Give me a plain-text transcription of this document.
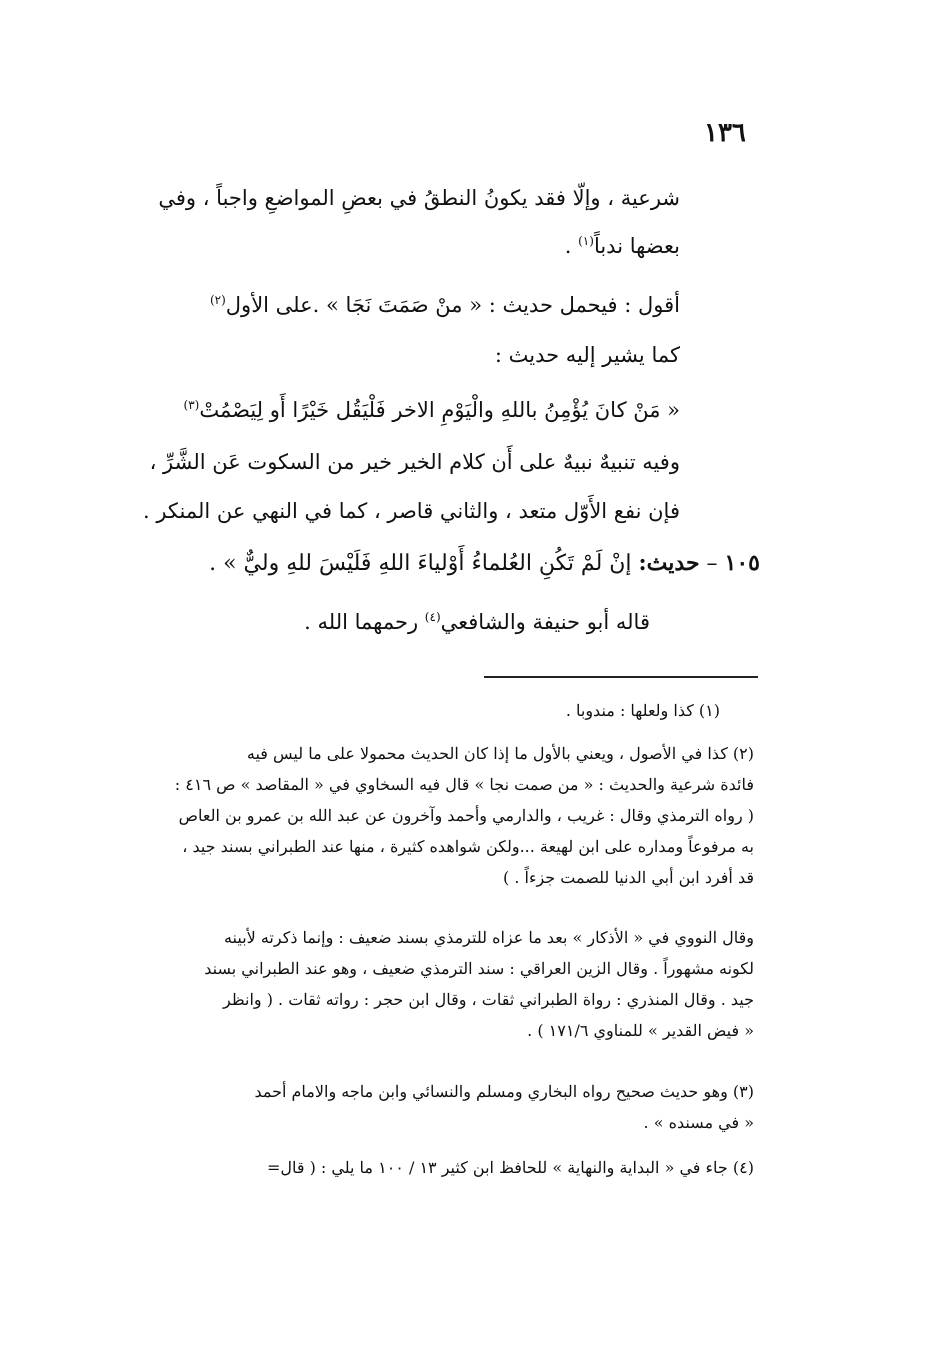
١٣٦
شرعية ، وإلّا فقد يكونُ النطقُ في بعضِ المواضعِ واجباً ، وفي
بعضها ندباً$^{(١)}$ .
أقول : فيحمل حديث : « منْ صَمَتَ نَجَا » .على الأول$^{(٢)}$
كما يشير إليه حديث :
« مَنْ كانَ يُؤْمِنُ باللهِ والْيَوْمِ الاخر فَلْيَقُل خَيْرًا أَو لِيَصْمُتْ$^{(٣)}$
وفيه تنبيهٌ نبيهٌ على أَن كلام الخير خير من السكوت عَن الشَّرِّ ،
فإن نفع الأَوّل متعد ، والثاني قاصر ، كما في النهي عن المنكر .
١٠٥ – حديث: إنْ لَمْ تَكُنِ العُلماءُ أَوْلياءَ اللهِ فَلَيْسَ للهِ وليٌّ » .
قاله أبو حنيفة والشافعي$^{(٤)}$ رحمهما الله .
(١) كذا ولعلها : مندوبا .
(٢) كذا في الأصول ، ويعني بالأول ما إذا كان الحديث محمولا على ما ليس فيه
فائدة شرعية والحديث : « من صمت نجا » قال فيه السخاوي في « المقاصد » ص ٤١٦ :
( رواه الترمذي وقال : غريب ، والدارمي وأحمد وآخرون عن عبد الله بن عمرو بن العاص
به مرفوعاً ومداره على ابن لهيعة ...ولكن شواهده كثيرة ، منها عند الطبراني بسند جيد ،
قد أفرد ابن أبي الدنيا للصمت جزءاً . )
وقال النووي في « الأذكار » بعد ما عزاه للترمذي بسند ضعيف : وإنما ذكرته لأبينه
لكونه مشهوراً . وقال الزين العراقي : سند الترمذي ضعيف ، وهو عند الطبراني بسند
جيد . وقال المنذري : رواة الطبراني ثقات ، وقال ابن حجر : رواته ثقات . ( وانظر
« فيض القدير » للمناوي ١٧١/٦ ) .
(٣) وهو حديث صحيح رواه البخاري ومسلم والنسائي وابن ماجه والامام أحمد
« في مسنده » .
(٤) جاء في « البداية والنهاية » للحافظ ابن كثير ١٣ / ١٠٠ ما يلي : ( قال=
